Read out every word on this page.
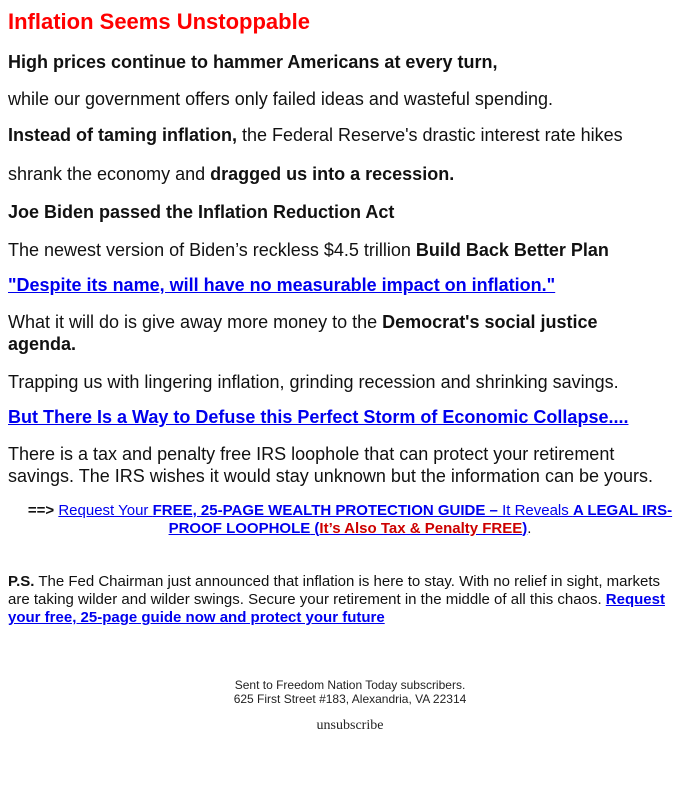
Inflation Seems Unstoppable
High prices continue to hammer Americans at every turn,
while our government offers only failed ideas and wasteful spending.
Instead of taming inflation, the Federal Reserve's drastic interest rate hikes
shrank the economy and dragged us into a recession.
Joe Biden passed the Inflation Reduction Act
The newest version of Biden’s reckless $4.5 trillion Build Back Better Plan
"Despite its name, will have no measurable impact on inflation."
What it will do is give away more money to the Democrat's social justice
agenda.
Trapping us with lingering inflation, grinding recession and shrinking savings.
But There Is a Way to Defuse this Perfect Storm of Economic Collapse....
There is a tax and penalty free IRS loophole that can protect your retirement
savings. The IRS wishes it would stay unknown but the information can be yours.
==> Request Your FREE, 25-PAGE WEALTH PROTECTION GUIDE – It Reveals A LEGAL IRS-PROOF LOOPHOLE (It’s Also Tax & Penalty FREE).
P.S. The Fed Chairman just announced that inflation is here to stay. With no relief in sight, markets are taking wilder and wilder swings. Secure your retirement in the middle of all this chaos. Request your free, 25-page guide now and protect your future
Sent to Freedom Nation Today subscribers.
625 First Street #183, Alexandria, VA 22314
unsubscribe
